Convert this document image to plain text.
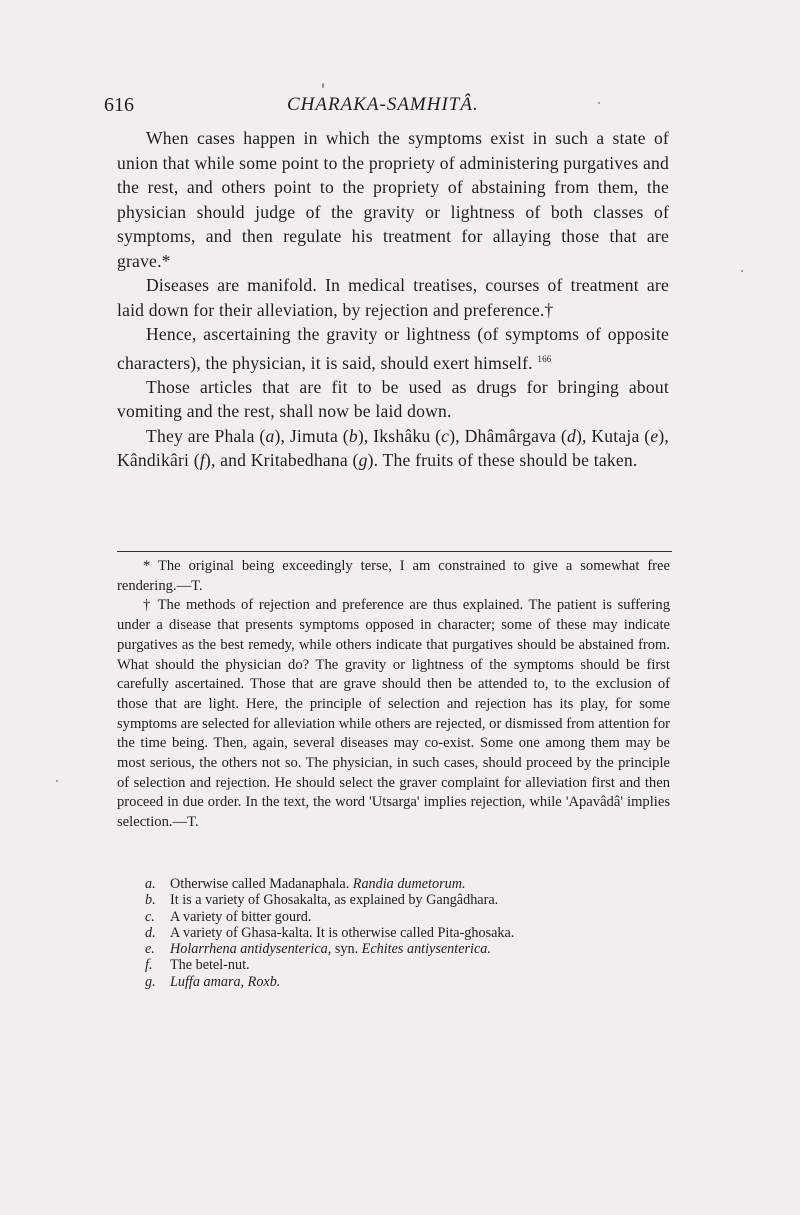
616	CHARAKA-SAMHITÂ.

When cases happen in which the symptoms exist in such a state of union that while some point to the propriety of administering purgatives and the rest, and others point to the propriety of abstaining from them, the physician should judge of the gravity or lightness of both classes of symptoms, and then regulate his treatment for allaying those that are grave.*

Diseases are manifold. In medical treatises, courses of treatment are laid down for their alleviation, by rejection and preference.†

Hence, ascertaining the gravity or lightness (of symptoms of opposite characters), the physician, it is said, should exert himself. $^{166}$

Those articles that are fit to be used as drugs for bringing about vomiting and the rest, shall now be laid down.

They are Phala (a), Jimuta (b), Ikshâku (c), Dhâmârgava (d), Kutaja (e), Kândikâri (f), and Kritabedhana (g). The fruits of these should be taken.

* The original being exceedingly terse, I am constrained to give a somewhat free rendering.—T.

† The methods of rejection and preference are thus explained. The patient is suffering under a disease that presents symptoms opposed in character; some of these may indicate purgatives as the best remedy, while others indicate that purgatives should be abstained from. What should the physician do? The gravity or lightness of the symptoms should be first carefully ascertained. Those that are grave should then be attended to, to the exclusion of those that are light. Here, the principle of selection and rejection has its play, for some symptoms are selected for alleviation while others are rejected, or dismissed from attention for the time being. Then, again, several diseases may co-exist. Some one among them may be most serious, the others not so. The physician, in such cases, should proceed by the principle of selection and rejection. He should select the graver complaint for alleviation first and then proceed in due order. In the text, the word 'Utsarga' implies rejection, while 'Apavâdâ' implies selection.—T.

a. Otherwise called Madanaphala. Randia dumetorum.
b. It is a variety of Ghosakalta, as explained by Gangâdhara.
c. A variety of bitter gourd.
d. A variety of Ghasa-kalta. It is otherwise called Pita-ghosaka.
e. Holarrhena antidysenterica, syn. Echites antiysenterica.
f. The betel-nut.
g. Luffa amara, Roxb.
